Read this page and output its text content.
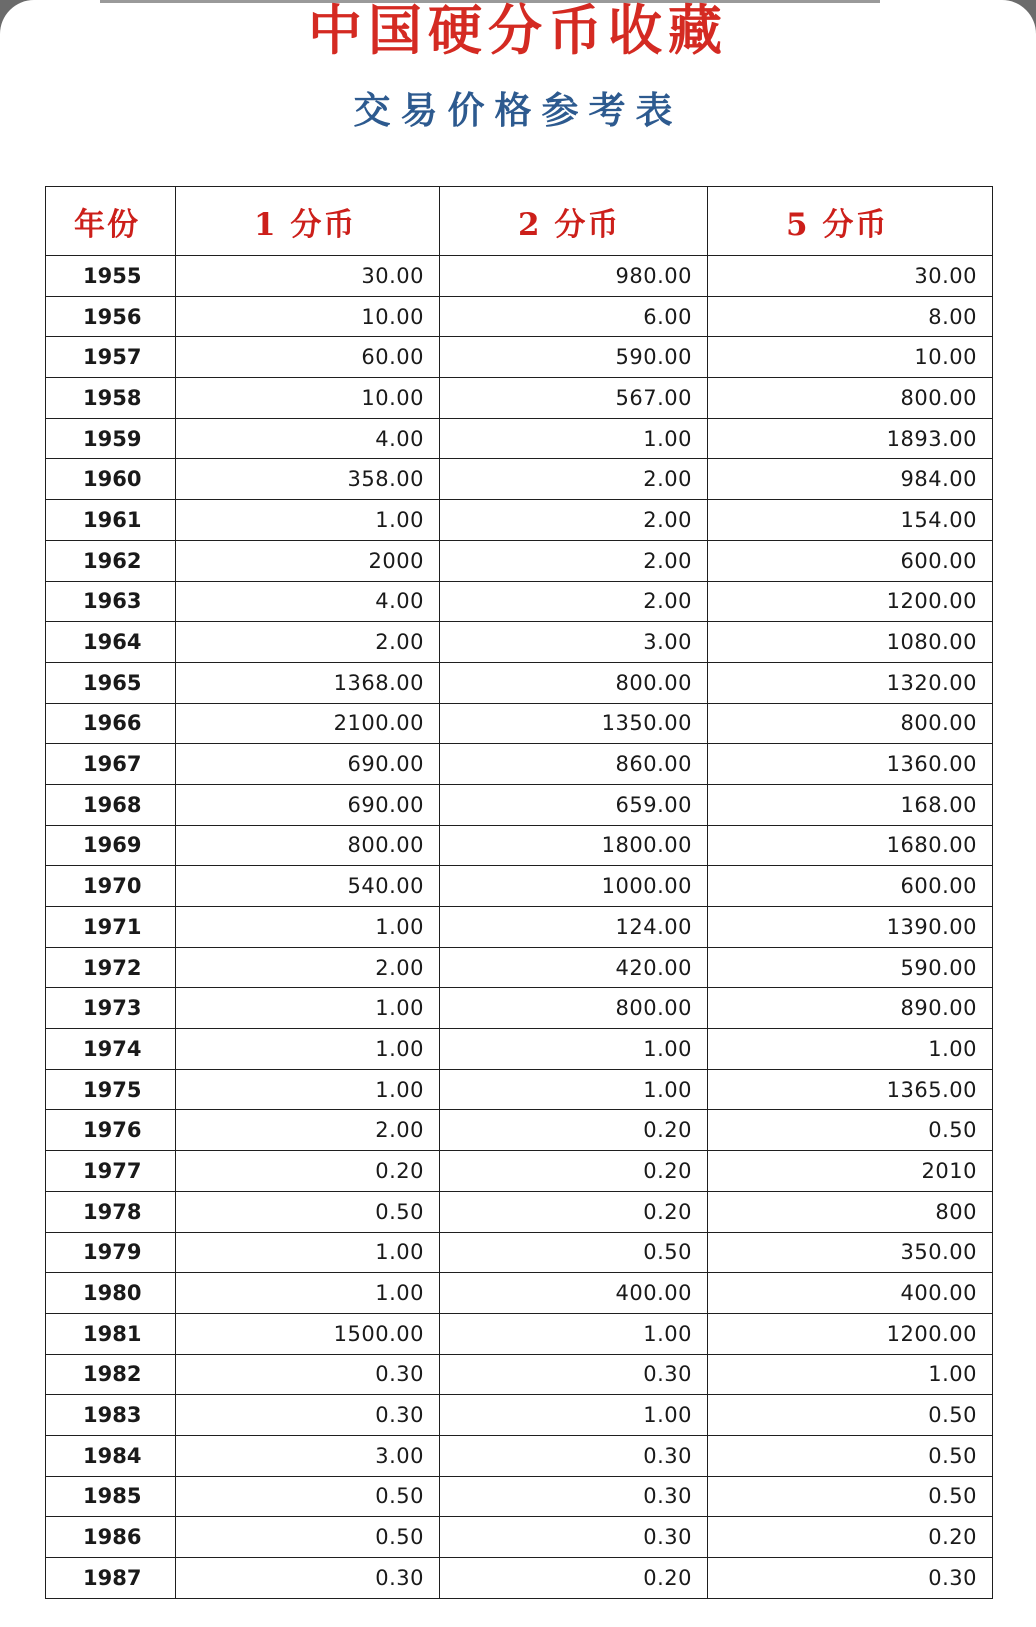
中国硬分币收藏
交易价格参考表
年份	1 分币	2 分币	5 分币
1955	30.00	980.00	30.00
1956	10.00	6.00	8.00
1957	60.00	590.00	10.00
1958	10.00	567.00	800.00
1959	4.00	1.00	1893.00
1960	358.00	2.00	984.00
1961	1.00	2.00	154.00
1962	2000	2.00	600.00
1963	4.00	2.00	1200.00
1964	2.00	3.00	1080.00
1965	1368.00	800.00	1320.00
1966	2100.00	1350.00	800.00
1967	690.00	860.00	1360.00
1968	690.00	659.00	168.00
1969	800.00	1800.00	1680.00
1970	540.00	1000.00	600.00
1971	1.00	124.00	1390.00
1972	2.00	420.00	590.00
1973	1.00	800.00	890.00
1974	1.00	1.00	1.00
1975	1.00	1.00	1365.00
1976	2.00	0.20	0.50
1977	0.20	0.20	2010
1978	0.50	0.20	800
1979	1.00	0.50	350.00
1980	1.00	400.00	400.00
1981	1500.00	1.00	1200.00
1982	0.30	0.30	1.00
1983	0.30	1.00	0.50
1984	3.00	0.30	0.50
1985	0.50	0.30	0.50
1986	0.50	0.30	0.20
1987	0.30	0.20	0.30
